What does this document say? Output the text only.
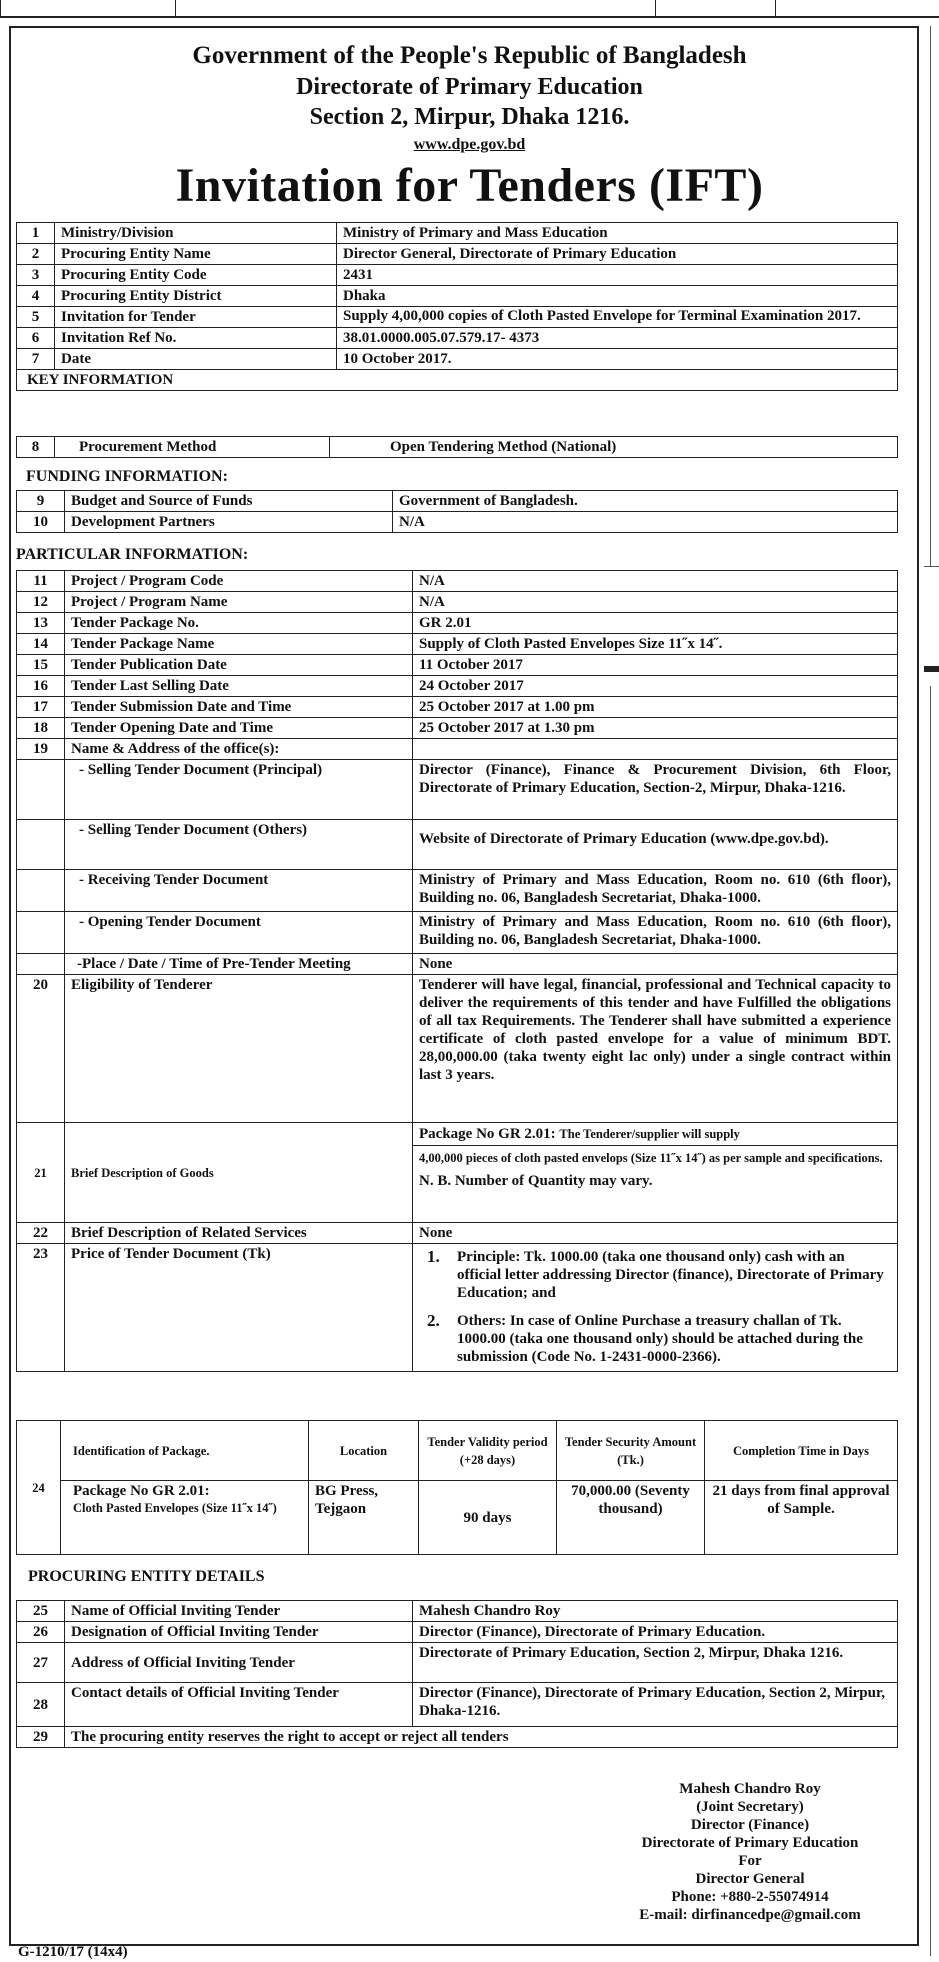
Government of the People's Republic of Bangladesh
Directorate of Primary Education
Section 2, Mirpur, Dhaka 1216.
www.dpe.gov.bd
Invitation for Tenders (IFT)
1	Ministry/Division	Ministry of Primary and Mass Education
2	Procuring Entity Name	Director General, Directorate of Primary Education
3	Procuring Entity Code	2431
4	Procuring Entity District	Dhaka
5	Invitation for Tender	Supply 4,00,000 copies of Cloth Pasted Envelope for Terminal Examination 2017.
6	Invitation Ref No.	38.01.0000.005.07.579.17- 4373
7	Date	10 October 2017.
KEY INFORMATION		
8	Procurement Method	Open Tendering Method (National)
FUNDING INFORMATION:
9	Budget and Source of Funds	Government of Bangladesh.
10	Development Partners	N/A
PARTICULAR INFORMATION:
11	Project / Program Code	N/A
12	Project / Program Name	N/A
13	Tender Package No.	GR 2.01
14	Tender Package Name	Supply of Cloth Pasted Envelopes Size 11˝x 14˝.
15	Tender Publication Date	11 October 2017
16	Tender Last Selling Date	24 October 2017
17	Tender Submission Date and Time	25 October 2017 at 1.00 pm
18	Tender Opening Date and Time	25 October 2017 at 1.30 pm
19	Name & Address of the office(s):	
	- Selling Tender Document (Principal)	Director (Finance), Finance & Procurement Division, 6th Floor, Directorate of Primary Education, Section-2, Mirpur, Dhaka-1216.
	- Selling Tender Document (Others)	Website of Directorate of Primary Education (www.dpe.gov.bd).
	- Receiving Tender Document	Ministry of Primary and Mass Education, Room no. 610 (6th floor), Building no. 06, Bangladesh Secretariat, Dhaka-1000.
	- Opening Tender Document	Ministry of Primary and Mass Education, Room no. 610 (6th floor), Building no. 06, Bangladesh Secretariat, Dhaka-1000.
	-Place / Date / Time of Pre-Tender Meeting	None
20	Eligibility of Tenderer	Tenderer will have legal, financial, professional and Technical capacity to deliver the requirements of this tender and have Fulfilled the obligations of all tax Requirements. The Tenderer shall have submitted a experience certificate of cloth pasted envelope for a value of minimum BDT. 28,00,000.00 (taka twenty eight lac only) under a single contract within last 3 years.
21	Brief Description of Goods	Package No GR 2.01: The Tenderer/supplier will supply
4,00,000 pieces of cloth pasted envelops (Size 11˝x 14˝) as per sample and specifications.
N. B. Number of Quantity may vary.

22	Brief Description of Related Services	None
23	Price of Tender Document (Tk)	1. Principle: Tk. 1000.00 (taka one thousand only) cash with an official letter addressing Director (finance), Directorate of Primary Education; and
2. Others: In case of Online Purchase a treasury challan of Tk. 1000.00 (taka one thousand only) should be attached during the submission (Code No. 1-2431-0000-2366).
24	Identification of Package.	Location	Tender Validity period (+28 days)	Tender Security Amount (Tk.)	Completion Time in Days

	Package No GR 2.01:
Cloth Pasted Envelopes (Size 11˝x 14˝)	BG Press, Tejgaon	90 days	70,000.00 (Seventy thousand)	21 days from final approval of Sample.
PROCURING ENTITY DETAILS
25	Name of Official Inviting Tender	Mahesh Chandro Roy
26	Designation of Official Inviting Tender	Director (Finance), Directorate of Primary Education.
27	Address of Official Inviting Tender	Directorate of Primary Education, Section 2, Mirpur, Dhaka 1216.
28	Contact details of Official Inviting Tender	Director (Finance), Directorate of Primary Education, Section 2, Mirpur, Dhaka-1216.
29	The procuring entity reserves the right to accept or reject all tenders	
Mahesh Chandro Roy
(Joint Secretary)
Director (Finance)
Directorate of Primary Education
For
Director General
Phone: +880-2-55074914
E-mail: dirfinancedpe@gmail.com
G-1210/17 (14x4)
